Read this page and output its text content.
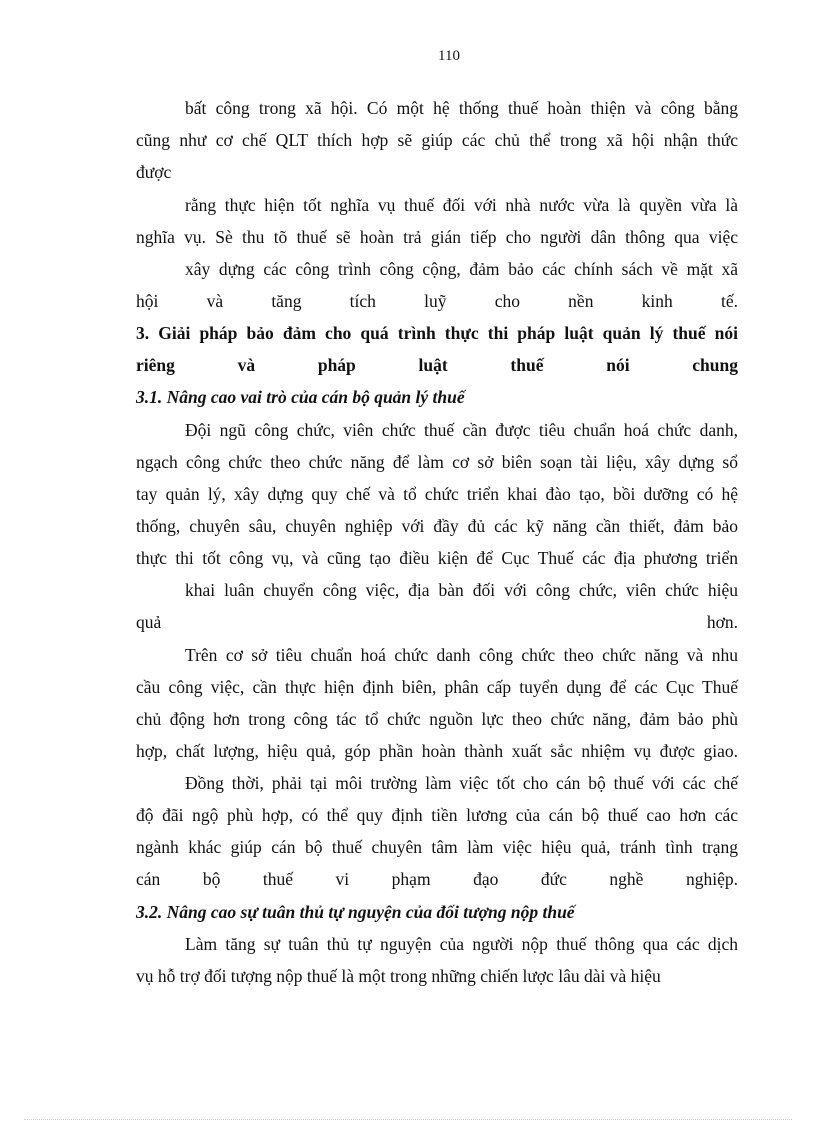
110
bất công trong xã hội. Có một hệ thống thuế hoàn thiện và công bằng
cũng như cơ chế QLT thích hợp sẽ giúp các chủ thể trong xã hội nhận thức
được
rằng thực hiện tốt nghĩa vụ thuế đối với nhà nước vừa là quyền vừa là
nghĩa vụ. Sè thu tõ thuế sẽ hoàn trả gián tiếp cho người dân thông qua việc
xây dựng các công trình công cộng, đảm bảo các chính sách về mặt xã
hội và tăng tích luỹ cho nền kinh tế.
3. Giải pháp bảo đảm cho quá trình thực thi pháp luật quản lý thuế nói
riêng và pháp luật thuế nói chung
3.1. Nâng cao vai trò của cán bộ quản lý thuế
Đội ngũ công chức, viên chức thuế cần được tiêu chuẩn hoá chức danh,
ngạch công chức theo chức năng để làm cơ sở biên soạn tài liệu, xây dựng sổ
tay quản lý, xây dựng quy chế và tổ chức triển khai đào tạo, bồi dưỡng có hệ
thống, chuyên sâu, chuyên nghiệp với đầy đủ các kỹ năng cần thiết, đảm bảo
thực thi tốt công vụ, và cũng tạo điều kiện để Cục Thuế các địa phương triển
khai luân chuyển công việc, địa bàn đối với công chức, viên chức hiệu
quả hơn.
Trên cơ sở tiêu chuẩn hoá chức danh công chức theo chức năng và nhu
cầu công việc, cần thực hiện định biên, phân cấp tuyển dụng để các Cục Thuế
chủ động hơn trong công tác tổ chức nguồn lực theo chức năng, đảm bảo phù
hợp, chất lượng, hiệu quả, góp phần hoàn thành xuất sắc nhiệm vụ được giao.
Đồng thời, phải tại môi trường làm việc tốt cho cán bộ thuế với các chế
độ đãi ngộ phù hợp, có thể quy định tiền lương của cán bộ thuế cao hơn các
ngành khác giúp cán bộ thuế chuyên tâm làm việc hiệu quả, tránh tình trạng
cán bộ thuế vi phạm đạo đức nghề nghiệp.
3.2. Nâng cao sự tuân thủ tự nguyện của đối tượng nộp thuế
Làm tăng sự tuân thủ tự nguyện của người nộp thuế thông qua các dịch
vụ hỗ trợ đối tượng nộp thuế là một trong những chiến lược lâu dài và hiệu
